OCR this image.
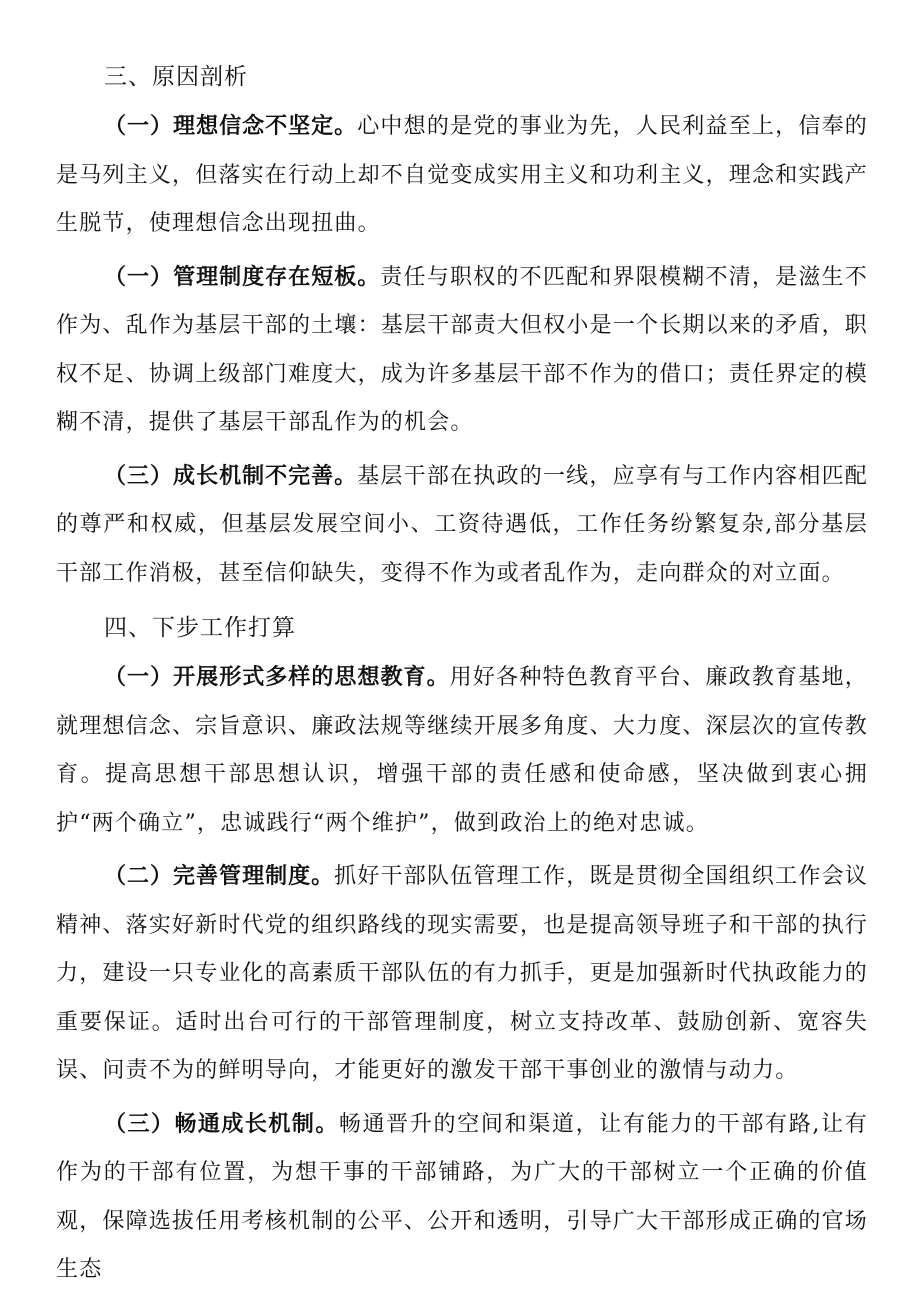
三、原因剖析

（一）理想信念不坚定。心中想的是党的事业为先，人民利益至上，信奉的是马列主义，但落实在行动上却不自觉变成实用主义和功利主义，理念和实践产生脱节，使理想信念出现扭曲。

（一）管理制度存在短板。责任与职权的不匹配和界限模糊不清，是滋生不作为、乱作为基层干部的土壤：基层干部责大但权小是一个长期以来的矛盾，职权不足、协调上级部门难度大，成为许多基层干部不作为的借口；责任界定的模糊不清，提供了基层干部乱作为的机会。

（三）成长机制不完善。基层干部在执政的一线，应享有与工作内容相匹配的尊严和权威，但基层发展空间小、工资待遇低，工作任务纷繁复杂,部分基层干部工作消极，甚至信仰缺失，变得不作为或者乱作为，走向群众的对立面。

四、下步工作打算

（一）开展形式多样的思想教育。用好各种特色教育平台、廉政教育基地，就理想信念、宗旨意识、廉政法规等继续开展多角度、大力度、深层次的宣传教育。提高思想干部思想认识，增强干部的责任感和使命感，坚决做到衷心拥护“两个确立”，忠诚践行“两个维护”，做到政治上的绝对忠诚。

（二）完善管理制度。抓好干部队伍管理工作，既是贯彻全国组织工作会议精神、落实好新时代党的组织路线的现实需要，也是提高领导班子和干部的执行力，建设一只专业化的高素质干部队伍的有力抓手，更是加强新时代执政能力的重要保证。适时出台可行的干部管理制度，树立支持改革、鼓励创新、宽容失误、问责不为的鲜明导向，才能更好的激发干部干事创业的激情与动力。

（三）畅通成长机制。畅通晋升的空间和渠道，让有能力的干部有路,让有作为的干部有位置，为想干事的干部铺路，为广大的干部树立一个正确的价值观，保障选拔任用考核机制的公平、公开和透明，引导广大干部形成正确的官场生态
